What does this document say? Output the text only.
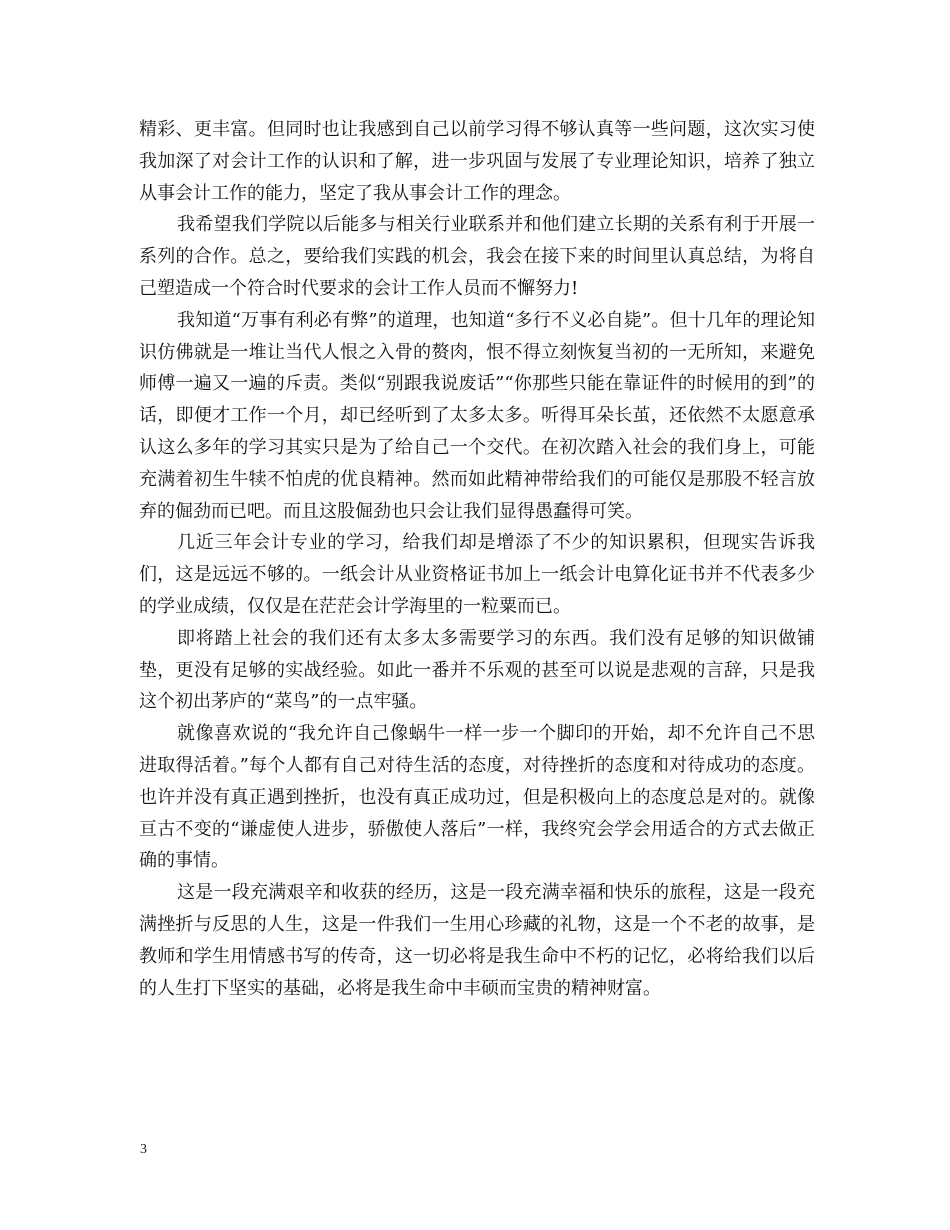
精彩、更丰富。但同时也让我感到自己以前学习得不够认真等一些问题，这次实习使我加深了对会计工作的认识和了解，进一步巩固与发展了专业理论知识，培养了独立从事会计工作的能力，坚定了我从事会计工作的理念。

我希望我们学院以后能多与相关行业联系并和他们建立长期的关系有利于开展一系列的合作。总之，要给我们实践的机会，我会在接下来的时间里认真总结，为将自己塑造成一个符合时代要求的会计工作人员而不懈努力!

我知道“万事有利必有弊”的道理，也知道“多行不义必自毙”。但十几年的理论知识仿佛就是一堆让当代人恨之入骨的赘肉，恨不得立刻恢复当初的一无所知，来避免师傅一遍又一遍的斥责。类似“别跟我说废话”“你那些只能在靠证件的时候用的到”的话，即便才工作一个月，却已经听到了太多太多。听得耳朵长茧，还依然不太愿意承认这么多年的学习其实只是为了给自己一个交代。在初次踏入社会的我们身上，可能充满着初生牛犊不怕虎的优良精神。然而如此精神带给我们的可能仅是那股不轻言放弃的倔劲而已吧。而且这股倔劲也只会让我们显得愚蠢得可笑。

几近三年会计专业的学习，给我们却是增添了不少的知识累积，但现实告诉我们，这是远远不够的。一纸会计从业资格证书加上一纸会计电算化证书并不代表多少的学业成绩，仅仅是在茫茫会计学海里的一粒粟而已。

即将踏上社会的我们还有太多太多需要学习的东西。我们没有足够的知识做铺垫，更没有足够的实战经验。如此一番并不乐观的甚至可以说是悲观的言辞，只是我这个初出茅庐的“菜鸟”的一点牢骚。

就像喜欢说的“我允许自己像蜗牛一样一步一个脚印的开始，却不允许自己不思进取得活着。”每个人都有自己对待生活的态度，对待挫折的态度和对待成功的态度。也许并没有真正遇到挫折，也没有真正成功过，但是积极向上的态度总是对的。就像亘古不变的“谦虚使人进步，骄傲使人落后”一样，我终究会学会用适合的方式去做正确的事情。

这是一段充满艰辛和收获的经历，这是一段充满幸福和快乐的旅程，这是一段充满挫折与反思的人生，这是一件我们一生用心珍藏的礼物，这是一个不老的故事，是教师和学生用情感书写的传奇，这一切必将是我生命中不朽的记忆，必将给我们以后的人生打下坚实的基础，必将是我生命中丰硕而宝贵的精神财富。

3
